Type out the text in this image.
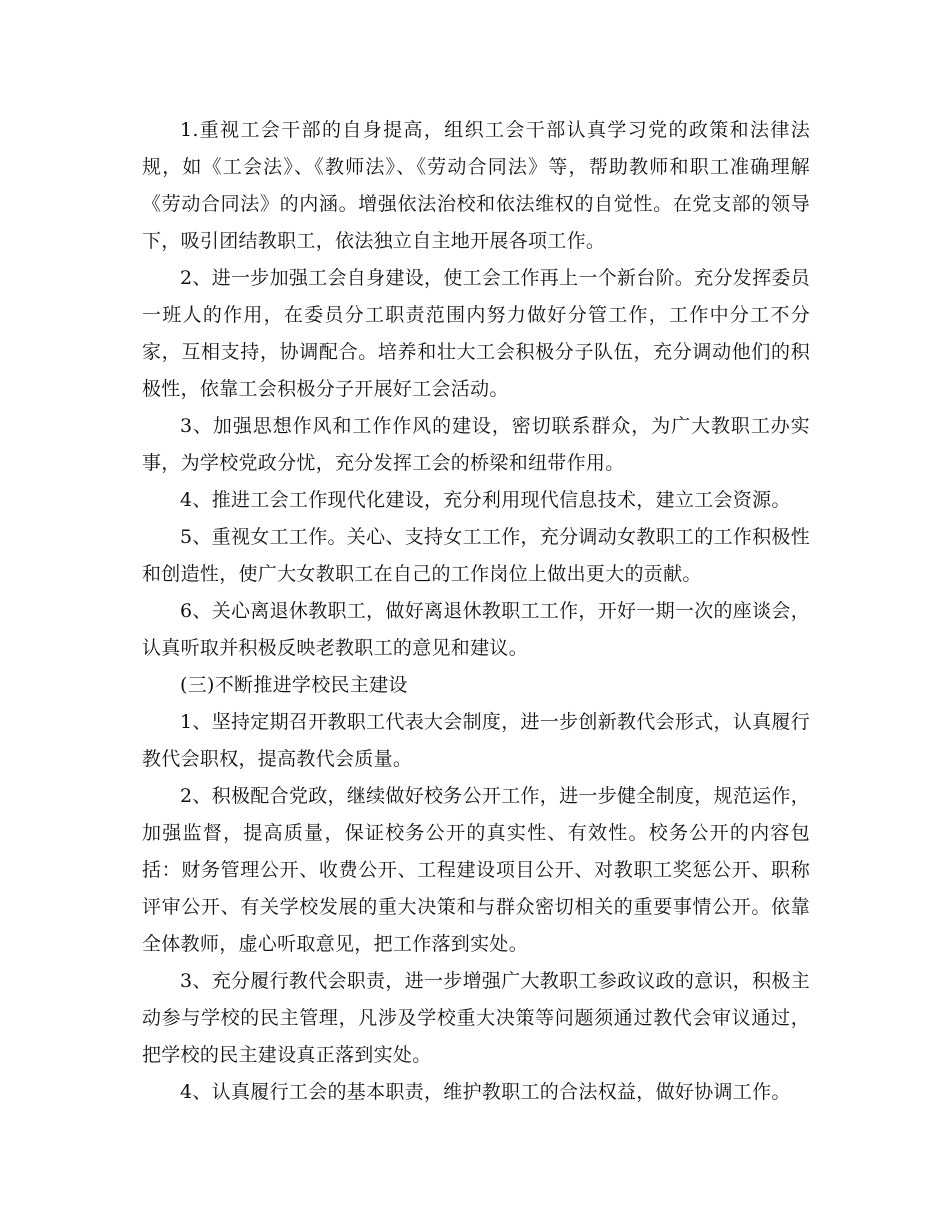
1.重视工会干部的自身提高，组织工会干部认真学习党的政策和法律法规，如《工会法》、《教师法》、《劳动合同法》等，帮助教师和职工准确理解《劳动合同法》的内涵。增强依法治校和依法维权的自觉性。在党支部的领导下，吸引团结教职工，依法独立自主地开展各项工作。

2、进一步加强工会自身建设，使工会工作再上一个新台阶。充分发挥委员一班人的作用，在委员分工职责范围内努力做好分管工作，工作中分工不分家，互相支持，协调配合。培养和壮大工会积极分子队伍，充分调动他们的积极性，依靠工会积极分子开展好工会活动。

3、加强思想作风和工作作风的建设，密切联系群众，为广大教职工办实事，为学校党政分忧，充分发挥工会的桥梁和纽带作用。

4、推进工会工作现代化建设，充分利用现代信息技术，建立工会资源。

5、重视女工工作。关心、支持女工工作，充分调动女教职工的工作积极性和创造性，使广大女教职工在自己的工作岗位上做出更大的贡献。

6、关心离退休教职工，做好离退休教职工工作，开好一期一次的座谈会，认真听取并积极反映老教职工的意见和建议。

(三)不断推进学校民主建设

1、坚持定期召开教职工代表大会制度，进一步创新教代会形式，认真履行教代会职权，提高教代会质量。

2、积极配合党政，继续做好校务公开工作，进一步健全制度，规范运作，加强监督，提高质量，保证校务公开的真实性、有效性。校务公开的内容包括：财务管理公开、收费公开、工程建设项目公开、对教职工奖惩公开、职称评审公开、有关学校发展的重大决策和与群众密切相关的重要事情公开。依靠全体教师，虚心听取意见，把工作落到实处。

3、充分履行教代会职责，进一步增强广大教职工参政议政的意识，积极主动参与学校的民主管理，凡涉及学校重大决策等问题须通过教代会审议通过，把学校的民主建设真正落到实处。

4、认真履行工会的基本职责，维护教职工的合法权益，做好协调工作。
